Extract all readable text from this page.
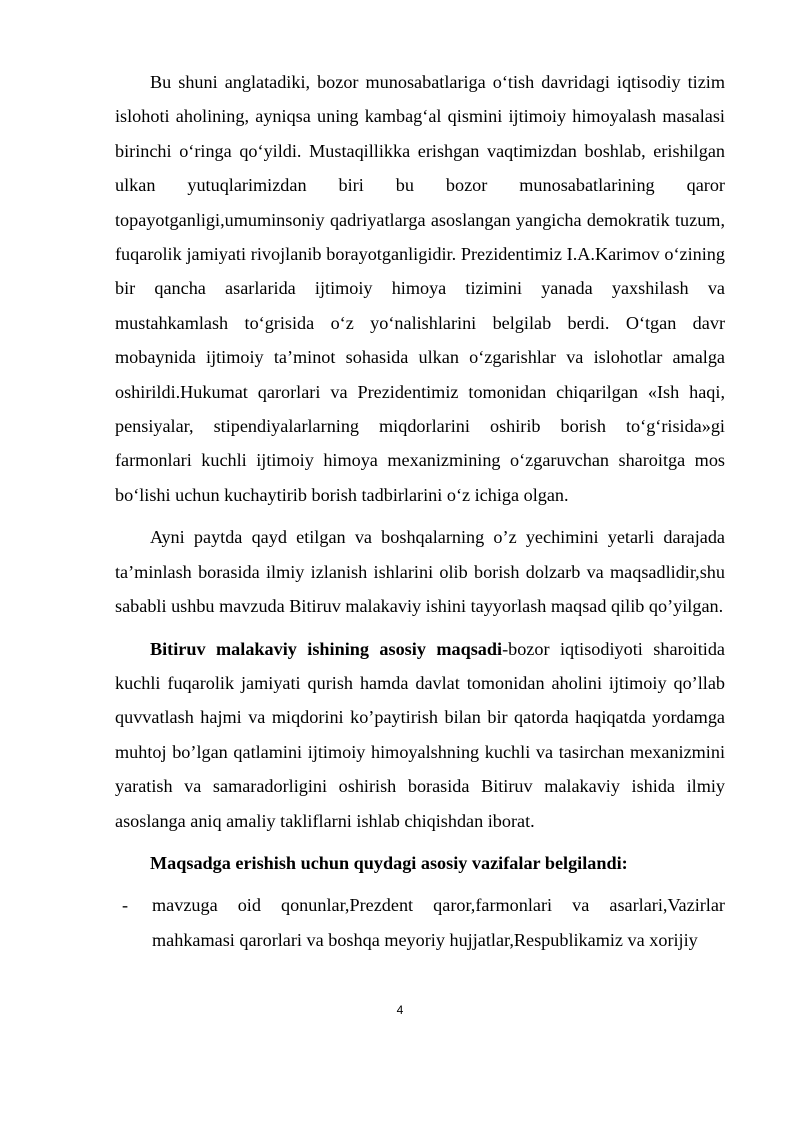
Bu shuni anglatadiki, bozor munosabatlariga o‘tish davridagi iqtisodiy tizim islohoti aholining, ayniqsa uning kambag‘al qismini ijtimoiy himoyalash masalasi birinchi o‘ringa qo‘yildi. Mustaqillikka erishgan vaqtimizdan boshlab, erishilgan ulkan yutuqlarimizdan biri bu bozor munosabatlarining qaror topayotganligi,umuminsoniy qadriyatlarga asoslangan yangicha demokratik tuzum, fuqarolik jamiyati rivojlanib borayotganligidir. Prezidentimiz I.A.Karimov o‘zining bir qancha asarlarida ijtimoiy himoya tizimini yanada yaxshilash va mustahkamlash to‘grisida o‘z yo‘nalishlarini belgilab berdi. O‘tgan davr mobaynida ijtimoiy ta’minot sohasida ulkan o‘zgarishlar va islohotlar amalga oshirildi.Hukumat qarorlari va Prezidentimiz tomonidan chiqarilgan «Ish haqi, pensiyalar, stipendiyalarlarning miqdorlarini oshirib borish to‘g‘risida»gi farmonlari kuchli ijtimoiy himoya mexanizmining o‘zgaruvchan sharoitga mos bo‘lishi uchun kuchaytirib borish tadbirlarini o‘z ichiga olgan.

Ayni paytda qayd etilgan va boshqalarning o’z yechimini yetarli darajada ta’minlash borasida ilmiy izlanish ishlarini olib borish dolzarb va maqsadlidir,shu sababli ushbu mavzuda Bitiruv malakaviy ishini tayyorlash maqsad qilib qo’yilgan.

Bitiruv malakaviy ishining asosiy maqsadi-bozor iqtisodiyoti sharoitida kuchli fuqarolik jamiyati qurish hamda davlat tomonidan aholini ijtimoiy qo’llab quvvatlash hajmi va miqdorini ko’paytirish bilan bir qatorda haqiqatda yordamga muhtoj bo’lgan qatlamini ijtimoiy himoyalshning kuchli va tasirchan mexanizmini yaratish va samaradorligini oshirish borasida Bitiruv malakaviy ishida ilmiy asoslanga aniq amaliy takliflarni ishlab chiqishdan iborat.

Maqsadga erishish uchun quydagi asosiy vazifalar belgilandi:

- mavzuga oid qonunlar,Prezdent qaror,farmonlari va asarlari,Vazirlar mahkamasi qarorlari va boshqa meyoriy hujjatlar,Respublikamiz va xorijiy
4
